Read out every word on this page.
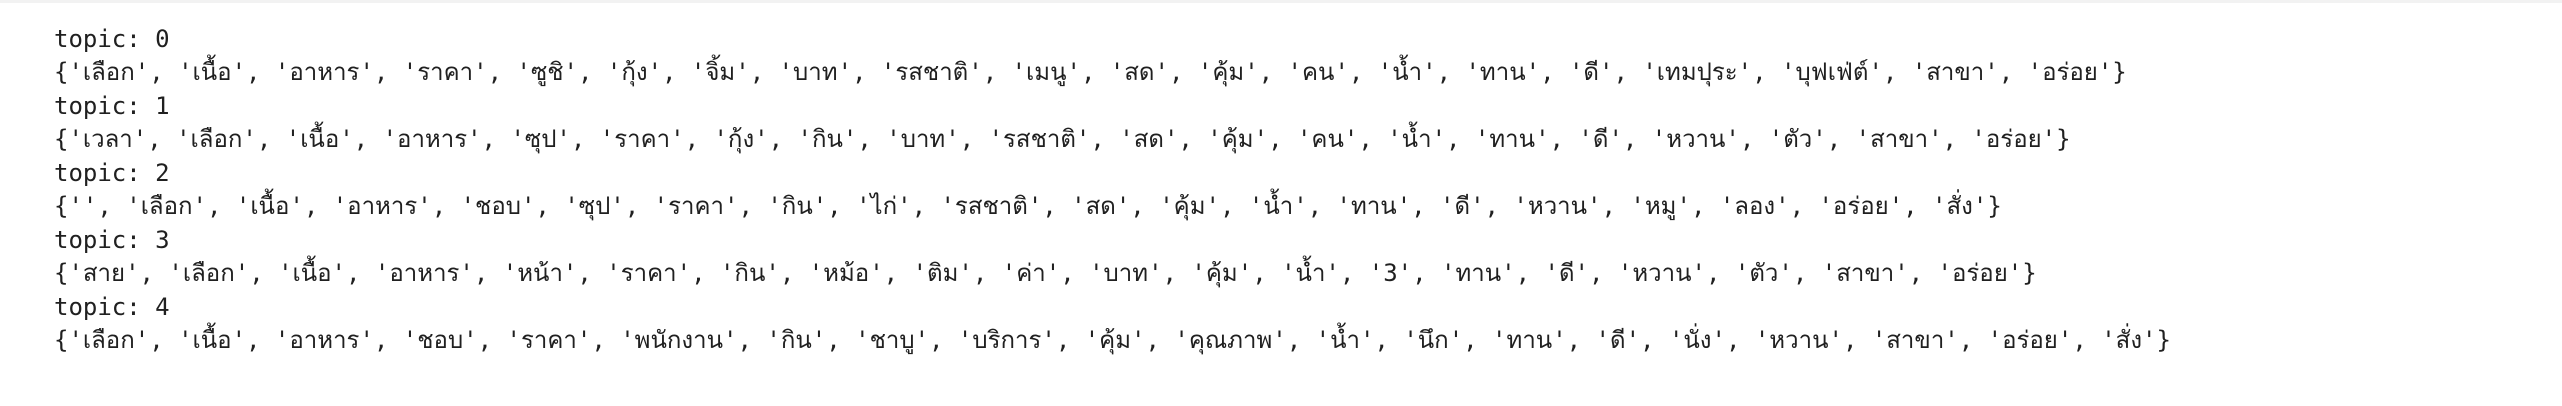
topic: 0
{'เลือก', 'เนื้อ', 'อาหาร', 'ราคา', 'ซูชิ', 'กุ้ง', 'จิ้ม', 'บาท', 'รสชาติ', 'เมนู', 'สด', 'คุ้ม', 'คน', 'น้ำ', 'ทาน', 'ดี', 'เทมปุระ', 'บุฟเฟ่ต์', 'สาขา', 'อร่อย'}
topic: 1
{'เวลา', 'เลือก', 'เนื้อ', 'อาหาร', 'ซุป', 'ราคา', 'กุ้ง', 'กิน', 'บาท', 'รสชาติ', 'สด', 'คุ้ม', 'คน', 'น้ำ', 'ทาน', 'ดี', 'หวาน', 'ตัว', 'สาขา', 'อร่อย'}
topic: 2
{'', 'เลือก', 'เนื้อ', 'อาหาร', 'ชอบ', 'ซุป', 'ราคา', 'กิน', 'ไก่', 'รสชาติ', 'สด', 'คุ้ม', 'น้ำ', 'ทาน', 'ดี', 'หวาน', 'หมู', 'ลอง', 'อร่อย', 'สั่ง'}
topic: 3
{'สาย', 'เลือก', 'เนื้อ', 'อาหาร', 'หน้า', 'ราคา', 'กิน', 'หม้อ', 'ติม', 'ค่า', 'บาท', 'คุ้ม', 'น้ำ', '3', 'ทาน', 'ดี', 'หวาน', 'ตัว', 'สาขา', 'อร่อย'}
topic: 4
{'เลือก', 'เนื้อ', 'อาหาร', 'ชอบ', 'ราคา', 'พนักงาน', 'กิน', 'ชาบู', 'บริการ', 'คุ้ม', 'คุณภาพ', 'น้ำ', 'นึก', 'ทาน', 'ดี', 'นั่ง', 'หวาน', 'สาขา', 'อร่อย', 'สั่ง'}
